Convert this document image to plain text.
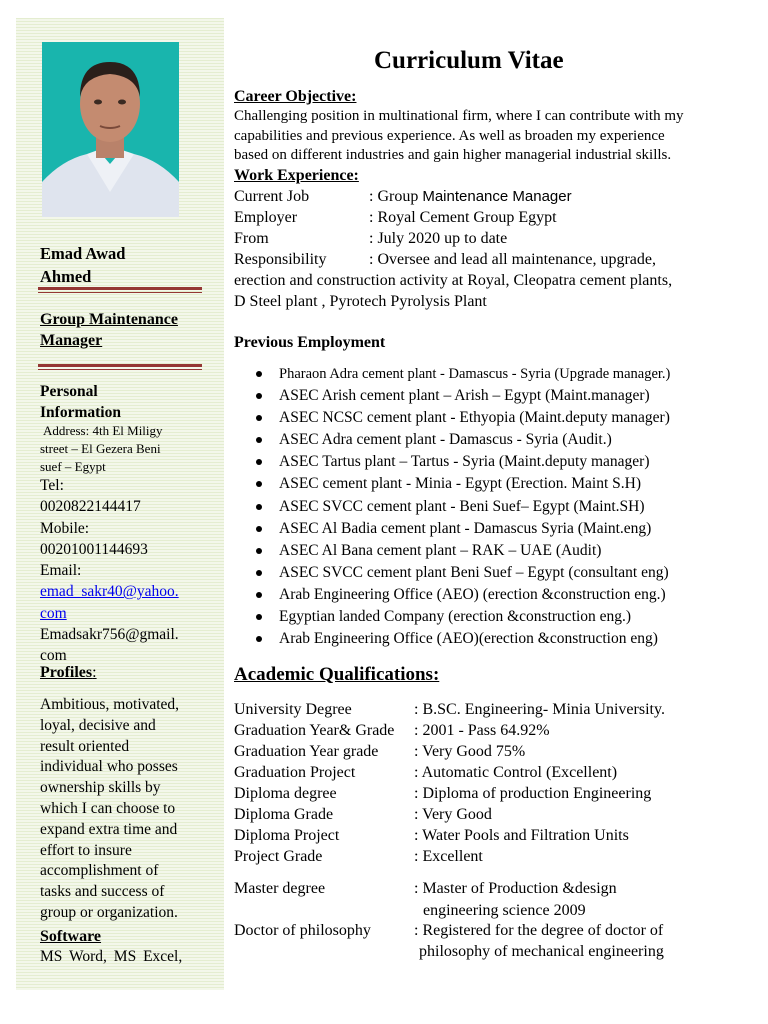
Emad Awad
Ahmed
Group Maintenance
Manager
Personal
Information
Address: 4th El Miligy
street – El Gezera Beni
suef – Egypt
Tel:
0020822144417
Mobile:
00201001144693
Email:
emad_sakr40@yahoo.
com
Emadsakr756@gmail.
com
Profiles:
Ambitious, motivated,
loyal, decisive and
result oriented
individual who posses
ownership skills by
which I can choose to
expand extra time and
effort to insure
accomplishment of
tasks and success of
group or organization.
Software
MS Word, MS Excel,
Curriculum Vitae
Career Objective:
Challenging position in multinational firm, where I can contribute with my
capabilities and previous experience. As well as broaden my experience
based on different industries and gain higher managerial industrial skills.
Work Experience:
Current Job	: Group Maintenance Manager
Employer	: Royal Cement Group Egypt
From	: July 2020 up to date
Responsibility	: Oversee and lead all maintenance, upgrade,
erection and construction activity at Royal, Cleopatra cement plants,
D Steel plant , Pyrotech Pyrolysis Plant
Previous Employment
Pharaon Adra cement plant - Damascus - Syria (Upgrade manager.)
ASEC Arish cement plant – Arish – Egypt (Maint.manager)
ASEC NCSC cement plant - Ethyopia (Maint.deputy manager)
ASEC Adra cement plant - Damascus - Syria (Audit.)
ASEC Tartus plant – Tartus - Syria (Maint.deputy manager)
ASEC cement plant - Minia - Egypt (Erection. Maint S.H)
ASEC SVCC cement plant - Beni Suef– Egypt (Maint.SH)
ASEC Al Badia cement plant - Damascus Syria (Maint.eng)
ASEC Al Bana cement plant – RAK – UAE (Audit)
ASEC SVCC cement plant Beni Suef – Egypt (consultant eng)
Arab Engineering Office (AEO) (erection &construction eng.)
Egyptian landed Company (erection &construction eng.)
Arab Engineering Office (AEO)(erection &construction eng)
Academic Qualifications:
University Degree	: B.SC. Engineering- Minia University.
Graduation Year& Grade : 2001 - Pass 64.92%
Graduation Year grade : Very Good 75%
Graduation Project	: Automatic Control (Excellent)
Diploma degree	: Diploma of production Engineering
Diploma Grade	: Very Good
Diploma Project	: Water Pools and Filtration Units
Project Grade	: Excellent
Master degree	: Master of Production &design
engineering science 2009
Doctor of philosophy	: Registered for the degree of doctor of
philosophy of mechanical engineering
